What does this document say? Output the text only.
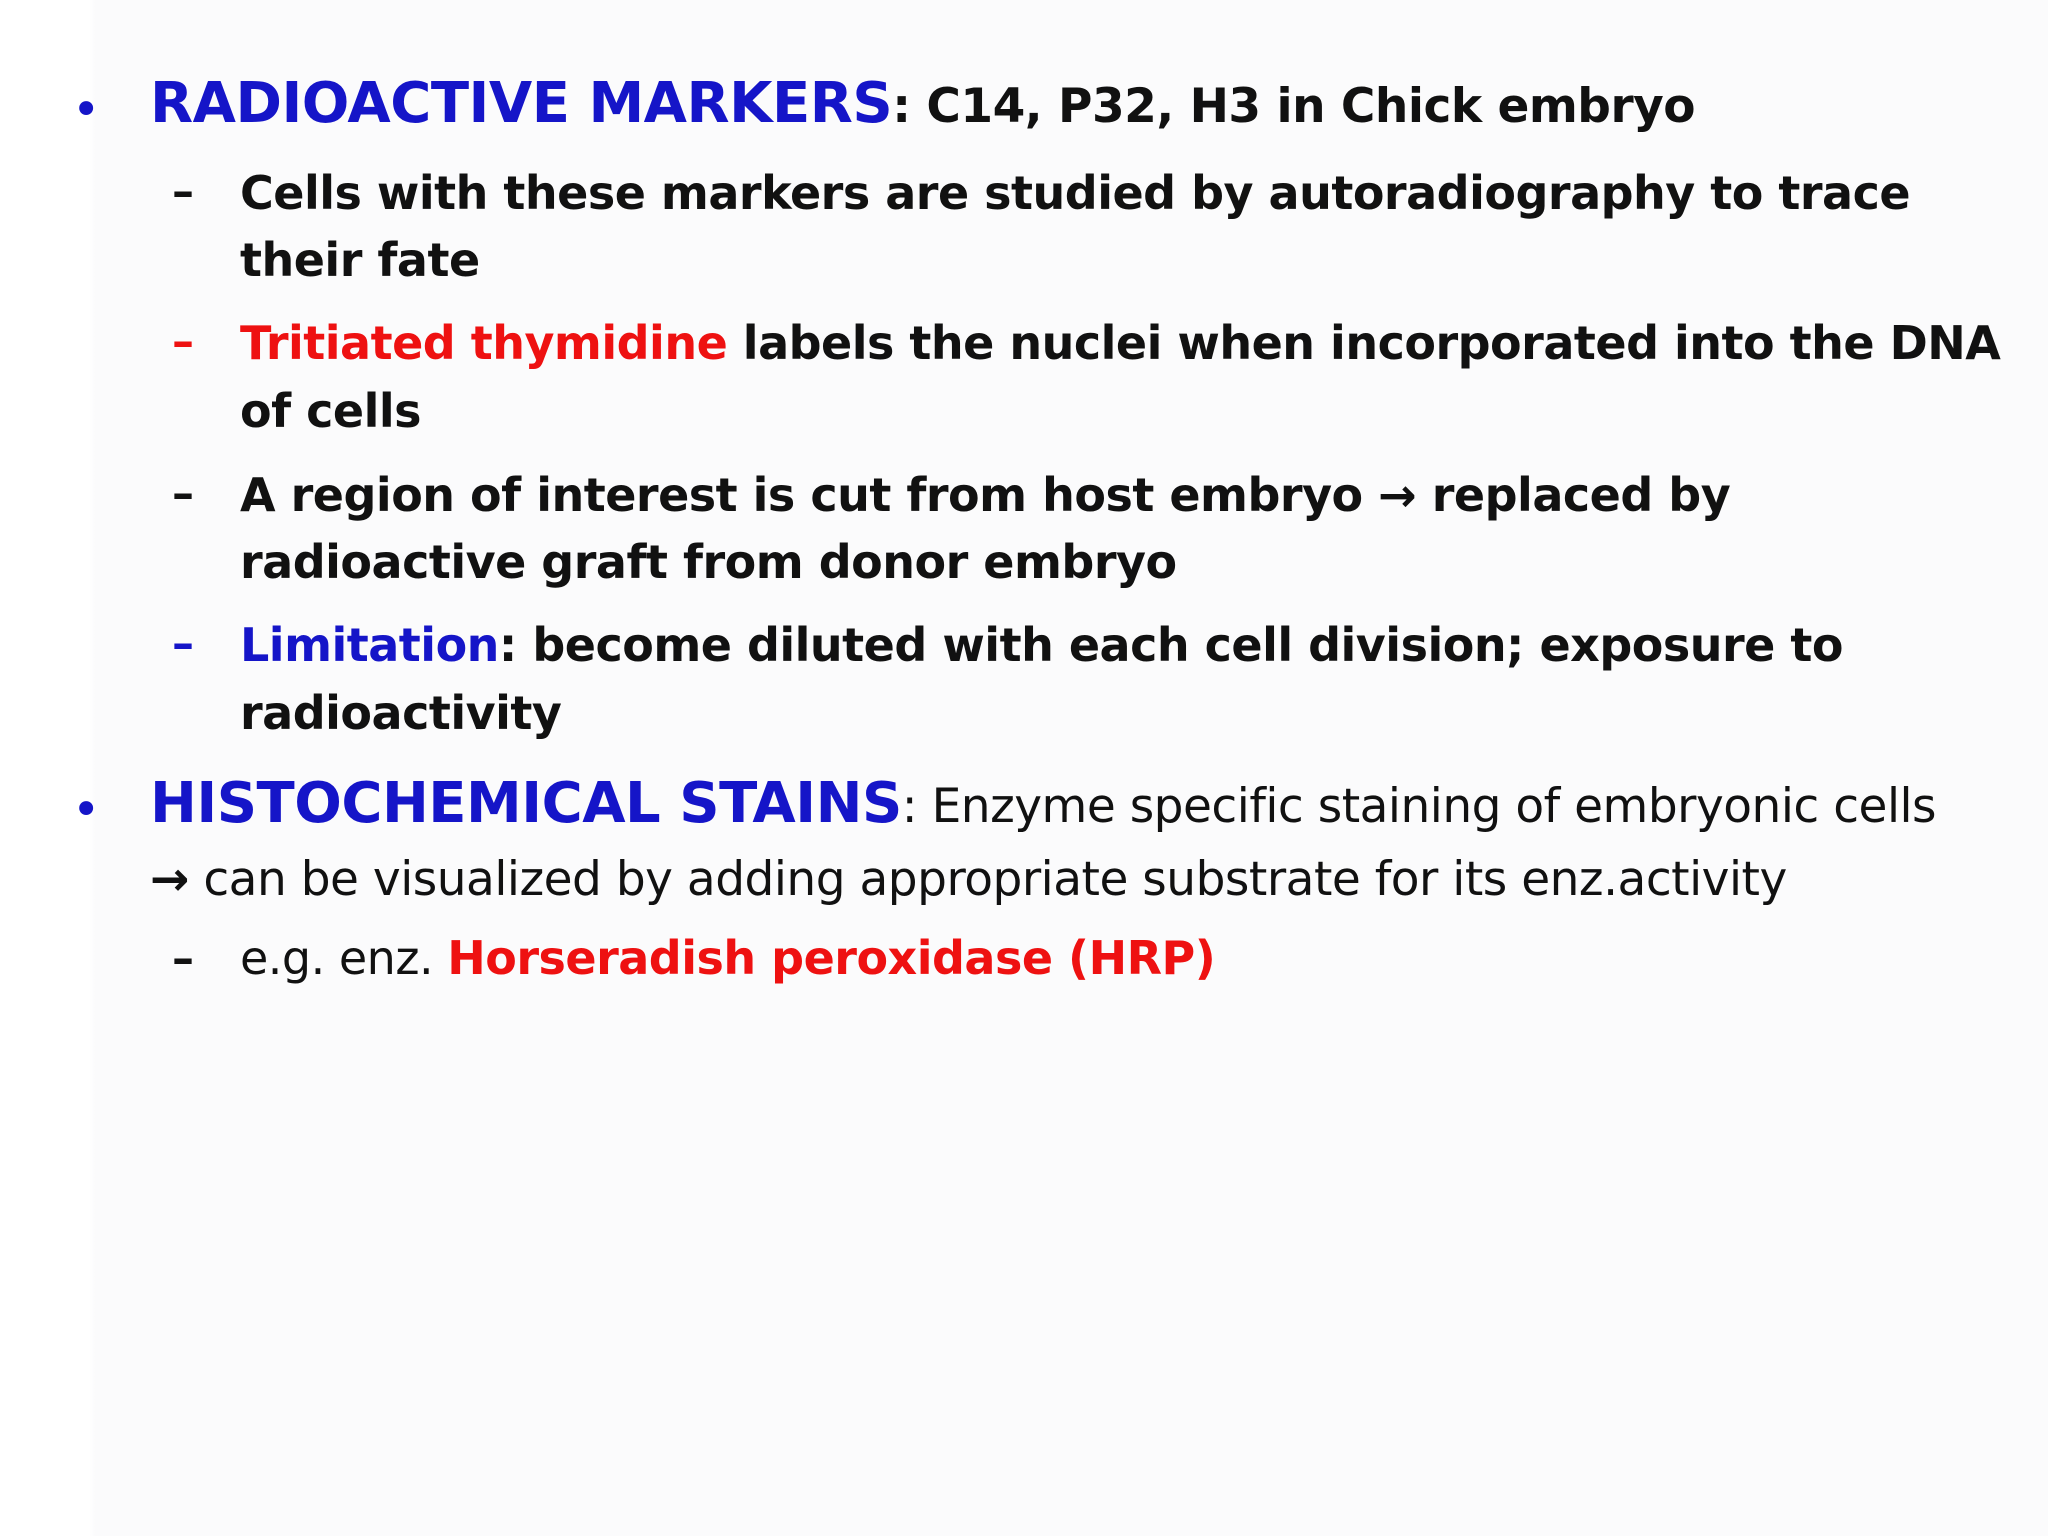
• RADIOACTIVE MARKERS: C14, P32, H3 in Chick embryo
– Cells with these markers are studied by autoradiography to trace
their fate
– Tritiated thymidine labels the nuclei when incorporated into the DNA
of cells
– A region of interest is cut from host embryo → replaced by
radioactive graft from donor embryo
– Limitation: become diluted with each cell division; exposure to
radioactivity
• HISTOCHEMICAL STAINS: Enzyme specific staining of embryonic cells
→ can be visualized by adding appropriate substrate for its enz.activity
– e.g. enz. Horseradish peroxidase (HRP)
